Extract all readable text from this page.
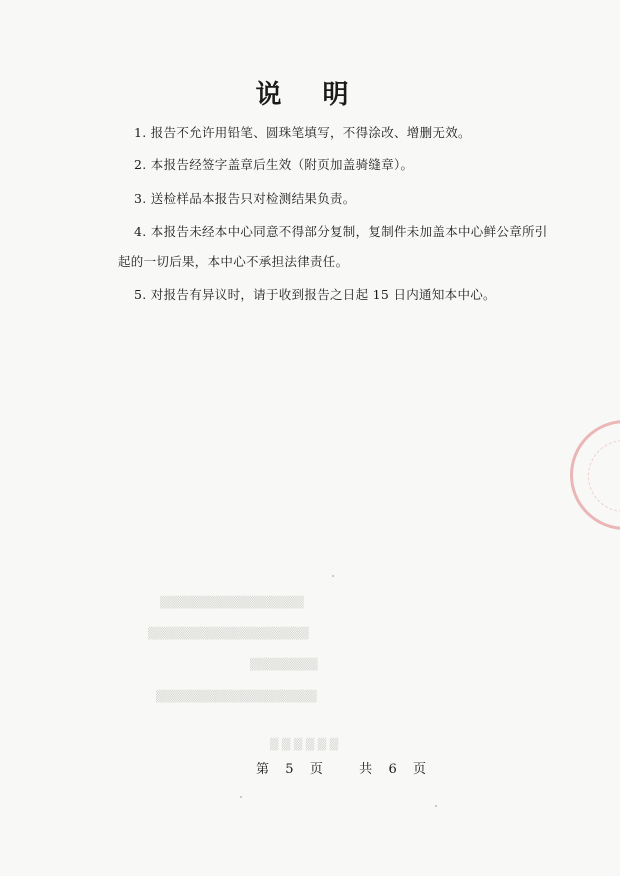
说 明
1. 报告不允许用铅笔、圆珠笔填写，不得涂改、增删无效。
2. 本报告经签字盖章后生效（附页加盖骑缝章）。
3. 送检样品本报告只对检测结果负责。
4. 本报告未经本中心同意不得部分复制，复制件未加盖本中心鲜公章所引
起的一切后果，本中心不承担法律责任。
5. 对报告有异议时，请于收到报告之日起 15 日内通知本中心。
▒▒▒▒▒▒▒▒▒▒▒▒▒▒▒▒▒
▒▒▒▒▒▒▒▒▒▒▒▒▒▒▒▒▒▒▒
▒▒▒▒▒▒▒▒
▒▒▒▒▒▒▒▒▒▒▒▒▒▒▒▒▒▒▒
▒ ▒ ▒ ▒ ▒ ▒
第 5 页	共 6 页
